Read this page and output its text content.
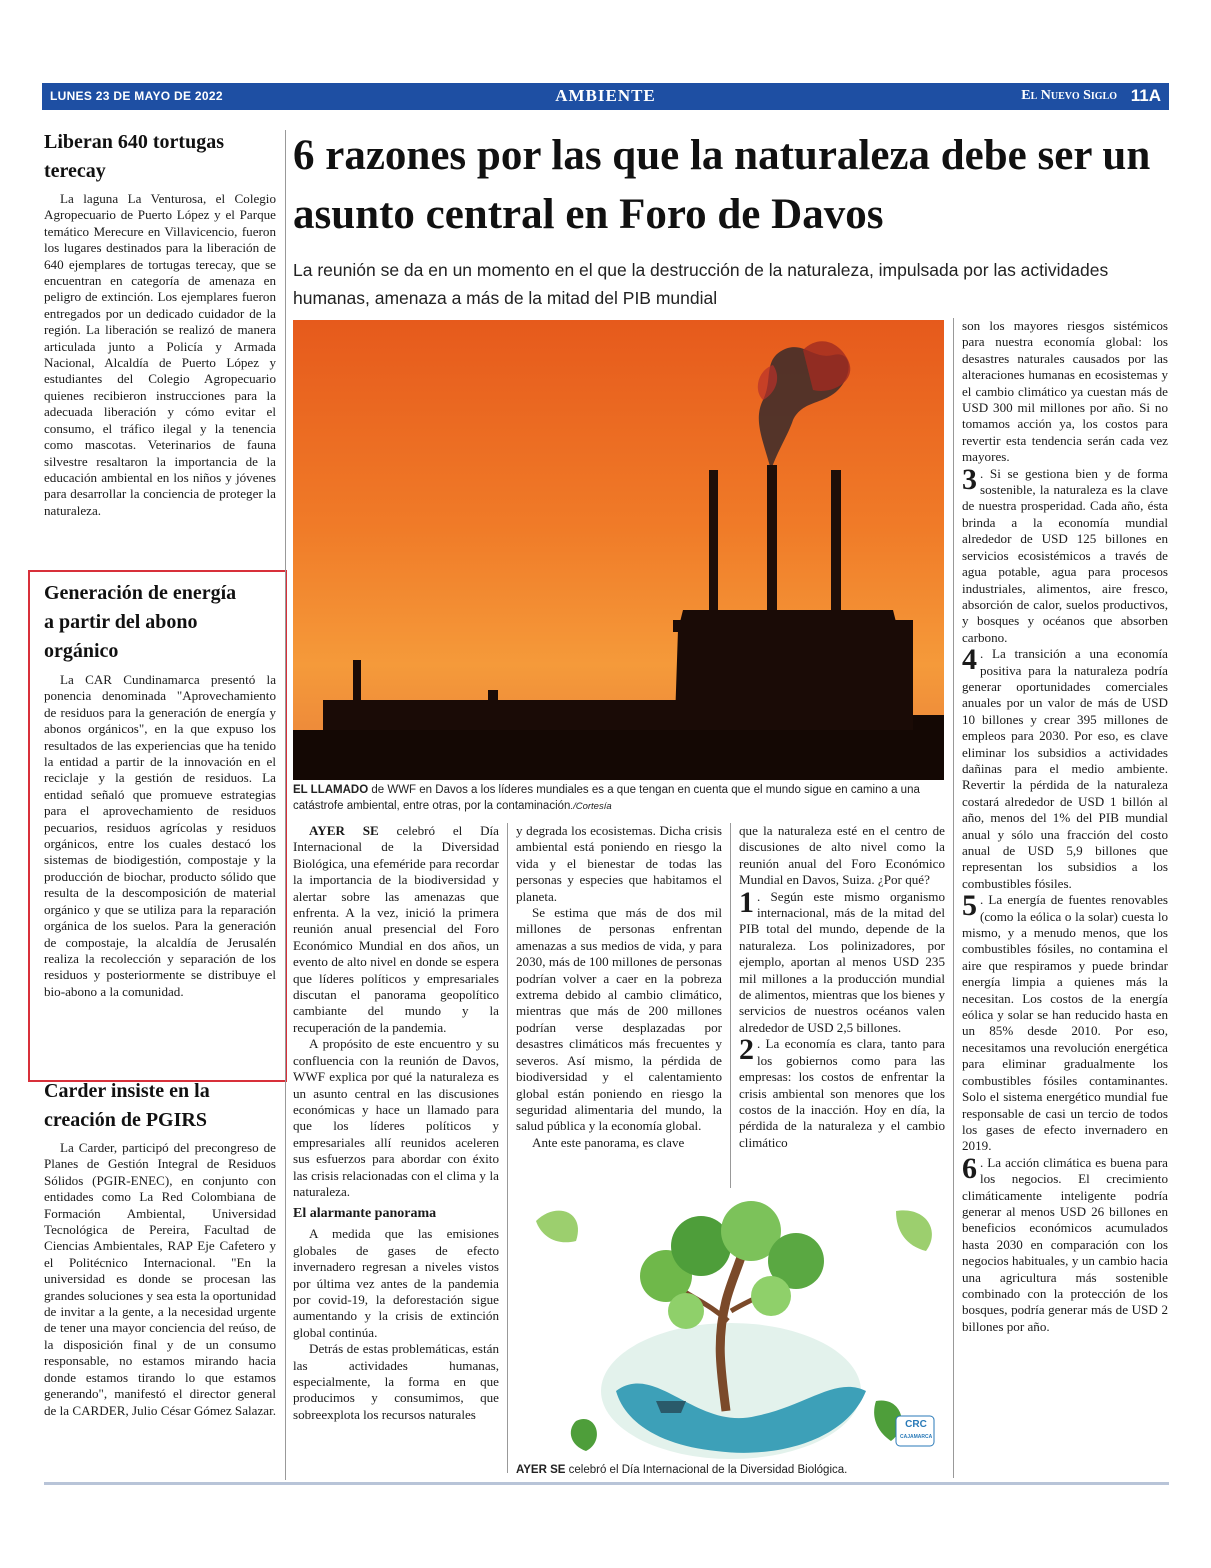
LUNES 23 DE MAYO DE 2022	AMBIENTE	El Nuevo Siglo 11A
Liberan 640 tortugas terecay

La laguna La Venturosa, el Colegio Agropecuario de Puerto López y el Parque temático Merecure en Villavicencio, fueron los lugares destinados para la liberación de 640 ejemplares de tortugas terecay, que se encuentran en categoría de amenaza en peligro de extinción. Los ejemplares fueron entregados por un dedicado cuidador de la región. La liberación se realizó de manera articulada junto a Policía y Armada Nacional, Alcaldía de Puerto López y estudiantes del Colegio Agropecuario quienes recibieron instrucciones para la adecuada liberación y cómo evitar el consumo, el tráfico ilegal y la tenencia como mascotas. Veterinarios de fauna silvestre resaltaron la importancia de la educación ambiental en los niños y jóvenes para desarrollar la conciencia de proteger la naturaleza.

Generación de energía a partir del abono orgánico

La CAR Cundinamarca presentó la ponencia denominada "Aprovechamiento de residuos para la generación de energía y abonos orgánicos", en la que expuso los resultados de las experiencias que ha tenido la entidad a partir de la innovación en el reciclaje y la gestión de residuos. La entidad señaló que promueve estrategias para el aprovechamiento de residuos pecuarios, residuos agrícolas y residuos orgánicos, entre los cuales destacó los sistemas de biodigestión, compostaje y la producción de biochar, producto sólido que resulta de la descomposición de material orgánico y que se utiliza para la reparación orgánica de los suelos. Para la generación de compostaje, la alcaldía de Jerusalén realiza la recolección y separación de los residuos y posteriormente se distribuye el bio-abono a la comunidad.

Carder insiste en la creación de PGIRS

La Carder, participó del precongreso de Planes de Gestión Integral de Residuos Sólidos (PGIR-ENEC), en conjunto con entidades como La Red Colombiana de Formación Ambiental, Universidad Tecnológica de Pereira, Facultad de Ciencias Ambientales, RAP Eje Cafetero y el Politécnico Internacional. "En la universidad es donde se procesan las grandes soluciones y sea esta la oportunidad de invitar a la gente, a la necesidad urgente de tener una mayor conciencia del reúso, de la disposición final y de un consumo responsable, no estamos mirando hacia donde estamos tirando lo que estamos generando", manifestó el director general de la CARDER, Julio César Gómez Salazar.

6 razones por las que la naturaleza debe ser un asunto central en Foro de Davos
La reunión se da en un momento en el que la destrucción de la naturaleza, impulsada por las actividades humanas, amenaza a más de la mitad del PIB mundial
EL LLAMADO de WWF en Davos a los líderes mundiales es a que tengan en cuenta que el mundo sigue en camino a una catástrofe ambiental, entre otras, por la contaminación./Cortesía

AYER SE celebró el Día Internacional de la Diversidad Biológica, una efeméride para recordar la importancia de la biodiversidad y alertar sobre las amenazas que enfrenta. A la vez, inició la primera reunión anual presencial del Foro Económico Mundial en dos años, un evento de alto nivel en donde se espera que líderes políticos y empresariales discutan el panorama geopolítico cambiante del mundo y la recuperación de la pandemia.

A propósito de este encuentro y su confluencia con la reunión de Davos, WWF explica por qué la naturaleza es un asunto central en las discusiones económicas y hace un llamado para que los líderes políticos y empresariales allí reunidos aceleren sus esfuerzos para abordar con éxito las crisis relacionadas con el clima y la naturaleza.

El alarmante panorama

A medida que las emisiones globales de gases de efecto invernadero regresan a niveles vistos por última vez antes de la pandemia por covid-19, la deforestación sigue aumentando y la crisis de extinción global continúa.

Detrás de estas problemáticas, están las actividades humanas, especialmente, la forma en que producimos y consumimos, que sobreexplota los recursos naturales

y degrada los ecosistemas. Dicha crisis ambiental está poniendo en riesgo la vida y el bienestar de todas las personas y especies que habitamos el planeta.

Se estima que más de dos mil millones de personas enfrentan amenazas a sus medios de vida, y para 2030, más de 100 millones de personas podrían volver a caer en la pobreza extrema debido al cambio climático, mientras que más de 200 millones podrían verse desplazadas por desastres climáticos más frecuentes y severos. Así mismo, la pérdida de biodiversidad y el calentamiento global están poniendo en riesgo la seguridad alimentaria del mundo, la salud pública y la economía global.

Ante este panorama, es clave

que la naturaleza esté en el centro de discusiones de alto nivel como la reunión anual del Foro Económico Mundial en Davos, Suiza. ¿Por qué?

1 . Según este mismo organismo internacional, más de la mitad del PIB total del mundo, depende de la naturaleza. Los polinizadores, por ejemplo, aportan al menos USD 235 mil millones a la producción mundial de alimentos, mientras que los bienes y servicios de nuestros océanos valen alrededor de USD 2,5 billones.

2 . La economía es clara, tanto para los gobiernos como para las empresas: los costos de enfrentar la crisis ambiental son menores que los costos de la inacción. Hoy en día, la pérdida de la naturaleza y el cambio climático

son los mayores riesgos sistémicos para nuestra economía global: los desastres naturales causados por las alteraciones humanas en ecosistemas y el cambio climático ya cuestan más de USD 300 mil millones por año. Si no tomamos acción ya, los costos para revertir esta tendencia serán cada vez mayores.

3 . Si se gestiona bien y de forma sostenible, la naturaleza es la clave de nuestra prosperidad. Cada año, ésta brinda a la economía mundial alrededor de USD 125 billones en servicios ecosistémicos a través de agua potable, agua para procesos industriales, alimentos, aire fresco, absorción de calor, suelos productivos, y bosques y océanos que absorben carbono.

4 . La transición a una economía positiva para la naturaleza podría generar oportunidades comerciales anuales por un valor de más de USD 10 billones y crear 395 millones de empleos para 2030. Por eso, es clave eliminar los subsidios a actividades dañinas para el medio ambiente. Revertir la pérdida de la naturaleza costará alrededor de USD 1 billón al año, menos del 1% del PIB mundial anual y sólo una fracción del costo anual de USD 5,9 billones que representan los subsidios a los combustibles fósiles.

5 . La energía de fuentes renovables (como la eólica o la solar) cuesta lo mismo, y a menudo menos, que los combustibles fósiles, no contamina el aire que respiramos y puede brindar energía limpia a quienes más la necesitan. Los costos de la energía eólica y solar se han reducido hasta en un 85% desde 2010. Por eso, necesitamos una revolución energética para eliminar gradualmente los combustibles fósiles contaminantes. Solo el sistema energético mundial fue responsable de casi un tercio de todos los gases de efecto invernadero en 2019.

6 . La acción climática es buena para los negocios. El crecimiento climáticamente inteligente podría generar al menos USD 26 billones en beneficios económicos acumulados hasta 2030 en comparación con los negocios habituales, y un cambio hacia una agricultura más sostenible combinado con la protección de los bosques, podría generar más de USD 2 billones por año.

CRC
CAJAMARCA
AYER SE celebró el Día Internacional de la Diversidad Biológica.
